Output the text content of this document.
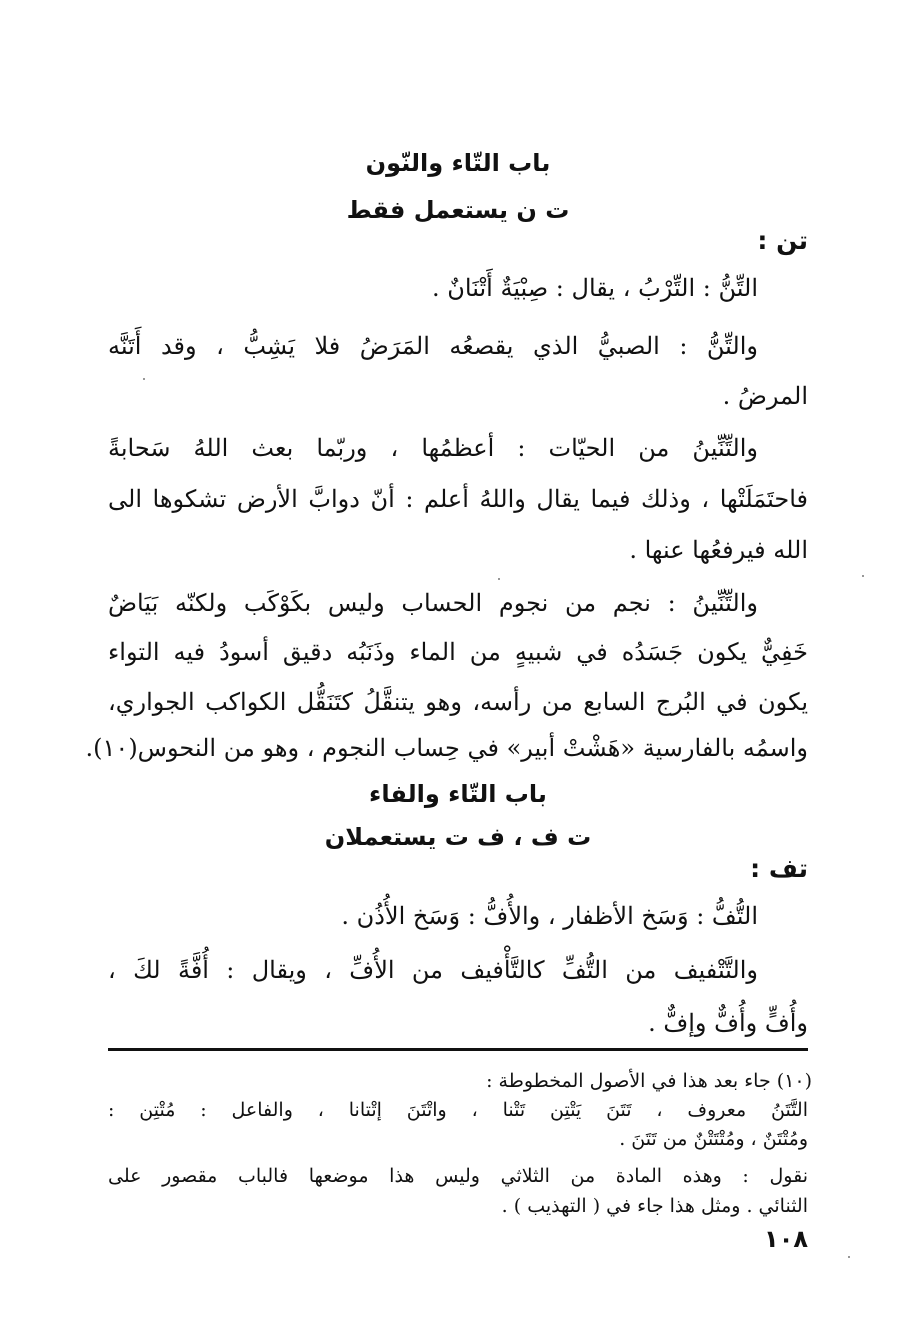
باب التّاء والنّون
ت ن يستعمل فقط
تن :
التِّنُّ : التِّرْبُ ، يقال : صِبْيَةٌ أَتْنَانٌ .
والتِّنُّ : الصبيُّ الذي يقصعُه المَرَضُ فلا يَشِبُّ ، وقد أَتَنَّه
المرضُ .
والتِّنِّينُ من الحيّات : أعظمُها ، وربّما بعث اللهُ سَحابةً
فاحتَمَلَتْها ، وذلك فيما يقال واللهُ أعلم : أنّ دوابَّ الأرض تشكوها الى
الله فيرفعُها عنها .
والتِّنِّينُ : نجم من نجوم الحساب وليس بكَوْكَب ولكنّه بَيَاضٌ
خَفِيٌّ يكون جَسَدُه في شبيهٍ من الماء وذَنَبُه دقيق أسودُ فيه التواء
يكون في البُرج السابع من رأسه، وهو يتنقَّلُ كتَنَقُّل الكواكب الجواري،
واسمُه بالفارسية «هَشْتْ أبير» في حِساب النجوم ، وهو من النحوس(١٠).
باب التّاء والفاء
ت ف ، ف ت يستعملان
تف :
التُّفُّ : وَسَخ الأظفار ، والأُفُّ : وَسَخ الأُذُن .
والتَّتْفيف من التُّفِّ كالتَّأْفيف من الأُفِّ ، ويقال : أُفَّةً لكَ ،
وأُفٍّ وأُفٌّ وإفٌّ .
(١٠) جاء بعد هذا في الأصول المخطوطة :
التَّتَنُ معروف ، تَتَنَ يَتْتِن تَتْنا ، واتْتَنَ إتْتانا ، والفاعل : مُتْتِن :
ومُتْتَنٌ ، ومُتْتَتْنٌ من تَتَنَ .
نقول : وهذه المادة من الثلاثي وليس هذا موضعها فالباب مقصور على
الثنائي . ومثل هذا جاء في ( التهذيب ) .
١٠٨
